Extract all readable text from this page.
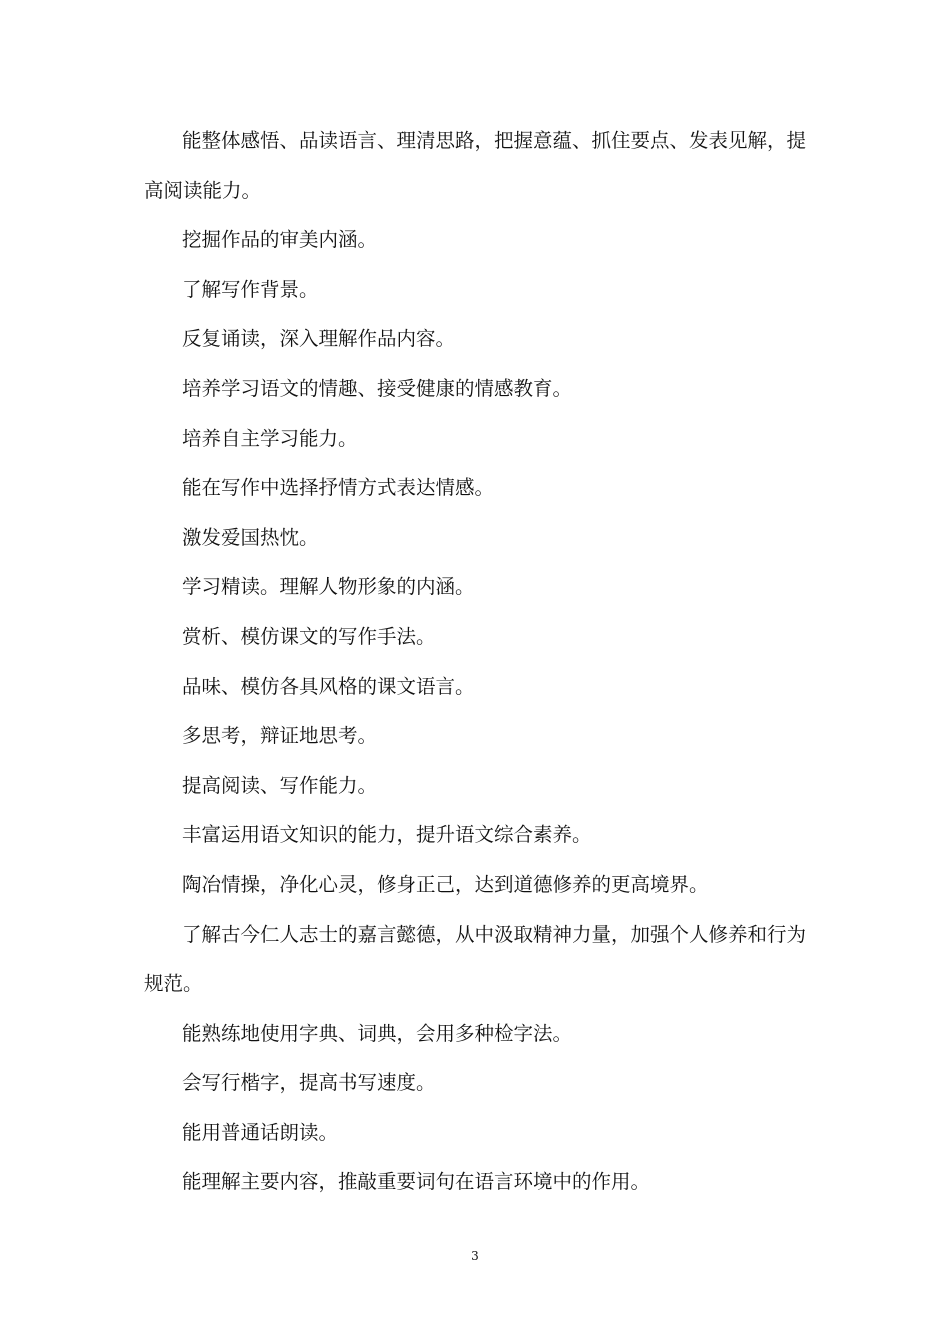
能整体感悟、品读语言、理清思路，把握意蕴、抓住要点、发表见解，提高阅读能力。

挖掘作品的审美内涵。

了解写作背景。

反复诵读，深入理解作品内容。

培养学习语文的情趣、接受健康的情感教育。

培养自主学习能力。

能在写作中选择抒情方式表达情感。

激发爱国热忱。

学习精读。理解人物形象的内涵。

赏析、模仿课文的写作手法。

品味、模仿各具风格的课文语言。

多思考，辩证地思考。

提高阅读、写作能力。

丰富运用语文知识的能力，提升语文综合素养。

陶冶情操，净化心灵，修身正己，达到道德修养的更高境界。

了解古今仁人志士的嘉言懿德，从中汲取精神力量，加强个人修养和行为规范。

能熟练地使用字典、词典，会用多种检字法。

会写行楷字，提高书写速度。

能用普通话朗读。

能理解主要内容，推敲重要词句在语言环境中的作用。

3
